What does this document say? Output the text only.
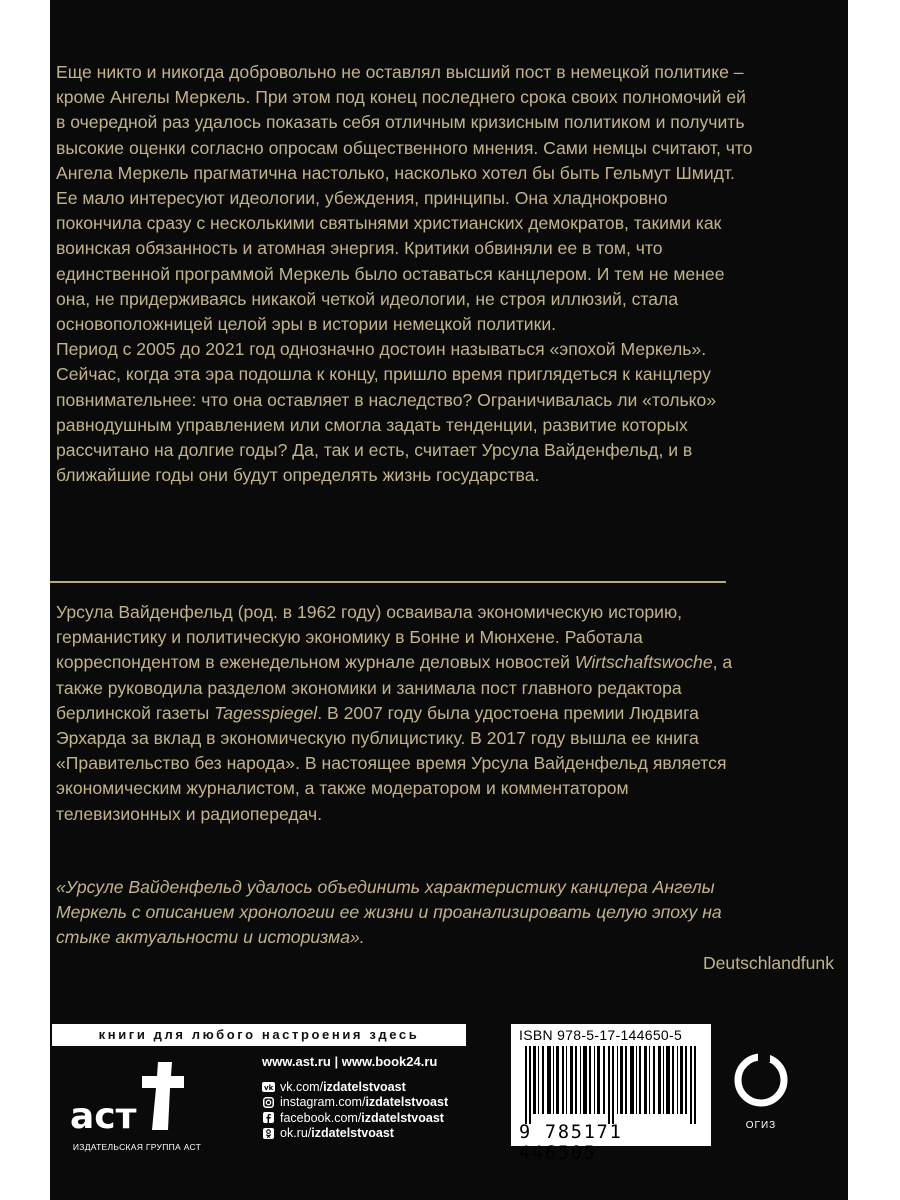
Еще никто и никогда добровольно не оставлял высший пост в немецкой политике – кроме Ангелы Меркель. При этом под конец последнего срока своих полномочий ей в очередной раз удалось показать себя отличным кризисным политиком и получить высокие оценки согласно опросам общественного мнения. Сами немцы считают, что Ангела Меркель прагматична настолько, насколько хотел бы быть Гельмут Шмидт.

Ее мало интересуют идеологии, убеждения, принципы. Она хладнокровно покончила сразу с несколькими святынями христианских демократов, такими как воинская обязанность и атомная энергия. Критики обвиняли ее в том, что единственной программой Меркель было оставаться канцлером. И тем не менее она, не придерживаясь никакой четкой идеологии, не строя иллюзий, стала основоположницей целой эры в истории немецкой политики.

Период с 2005 до 2021 год однозначно достоин называться «эпохой Меркель». Сейчас, когда эта эра подошла к концу, пришло время приглядеться к канцлеру повнимательнее: что она оставляет в наследство? Ограничивалась ли «только» равнодушным управлением или смогла задать тенденции, развитие которых рассчитано на долгие годы? Да, так и есть, считает Урсула Вайденфельд, и в ближайшие годы они будут определять жизнь государства.

Урсула Вайденфельд (род. в 1962 году) осваивала экономическую историю, германистику и политическую экономику в Бонне и Мюнхене. Работала корреспондентом в еженедельном журнале деловых новостей Wirtschaftswoche, а также руководила разделом экономики и занимала пост главного редактора берлинской газеты Tagesspiegel. В 2007 году была удостоена премии Людвига Эрхарда за вклад в экономическую публицистику. В 2017 году вышла ее книга «Правительство без народа». В настоящее время Урсула Вайденфельд является экономическим журналистом, а также модератором и комментатором телевизионных и радиопередач.

«Урсуле Вайденфельд удалось объединить характеристику канцлера Ангелы Меркель с описанием хронологии ее жизни и проанализировать целую эпоху на стыке актуальности и историзма».

Deutschlandfunk
книги для любого настроения здесь
аст
ИЗДАТЕЛЬСКАЯ ГРУППА АСТ
www.ast.ru | www.book24.ru
vk vk.com/ izdatelstvoast
instagram.com/ izdatelstvoast
facebook.com/ izdatelstvoast
ok.ru/ izdatelstvoast
ISBN 978-5-17-144650-5
9 785171 446505
ОГИЗ
